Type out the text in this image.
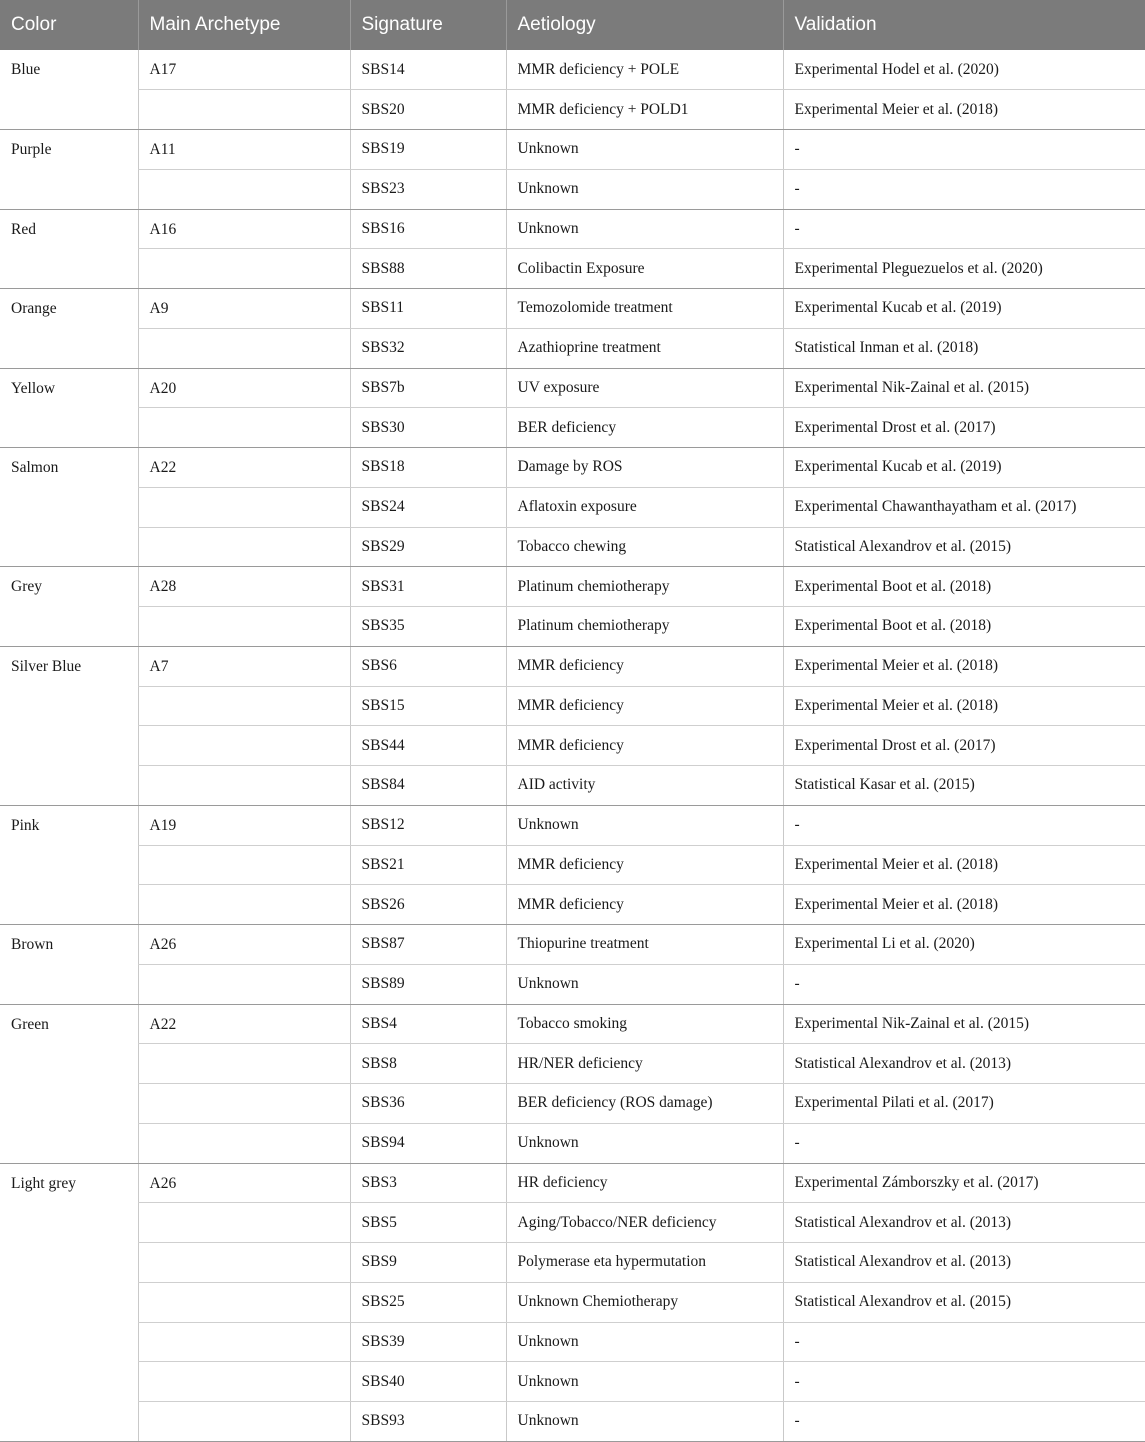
Color	Main Archetype	Signature	Aetiology	Validation
Blue	A17	SBS14	MMR deficiency + POLE	Experimental Hodel et al. (2020)
		SBS20	MMR deficiency + POLD1	Experimental Meier et al. (2018)
Purple	A11	SBS19	Unknown	-
		SBS23	Unknown	-
Red	A16	SBS16	Unknown	-
		SBS88	Colibactin Exposure	Experimental Pleguezuelos et al. (2020)
Orange	A9	SBS11	Temozolomide treatment	Experimental Kucab et al. (2019)
		SBS32	Azathioprine treatment	Statistical Inman et al. (2018)
Yellow	A20	SBS7b	UV exposure	Experimental Nik-Zainal et al. (2015)
		SBS30	BER deficiency	Experimental Drost et al. (2017)
Salmon	A22	SBS18	Damage by ROS	Experimental Kucab et al. (2019)
		SBS24	Aflatoxin exposure	Experimental Chawanthayatham et al. (2017)
		SBS29	Tobacco chewing	Statistical Alexandrov et al. (2015)
Grey	A28	SBS31	Platinum chemiotherapy	Experimental Boot et al. (2018)
		SBS35	Platinum chemiotherapy	Experimental Boot et al. (2018)
Silver Blue	A7	SBS6	MMR deficiency	Experimental Meier et al. (2018)
		SBS15	MMR deficiency	Experimental Meier et al. (2018)
		SBS44	MMR deficiency	Experimental Drost et al. (2017)
		SBS84	AID activity	Statistical Kasar et al. (2015)
Pink	A19	SBS12	Unknown	-
		SBS21	MMR deficiency	Experimental Meier et al. (2018)
		SBS26	MMR deficiency	Experimental Meier et al. (2018)
Brown	A26	SBS87	Thiopurine treatment	Experimental Li et al. (2020)
		SBS89	Unknown	-
Green	A22	SBS4	Tobacco smoking	Experimental Nik-Zainal et al. (2015)
		SBS8	HR/NER deficiency	Statistical Alexandrov et al. (2013)
		SBS36	BER deficiency (ROS damage)	Experimental Pilati et al. (2017)
		SBS94	Unknown	-
Light grey	A26	SBS3	HR deficiency	Experimental Zámborszky et al. (2017)
		SBS5	Aging/Tobacco/NER deficiency	Statistical Alexandrov et al. (2013)
		SBS9	Polymerase eta hypermutation	Statistical Alexandrov et al. (2013)
		SBS25	Unknown Chemiotherapy	Statistical Alexandrov et al. (2015)
		SBS39	Unknown	-
		SBS40	Unknown	-
		SBS93	Unknown	-
